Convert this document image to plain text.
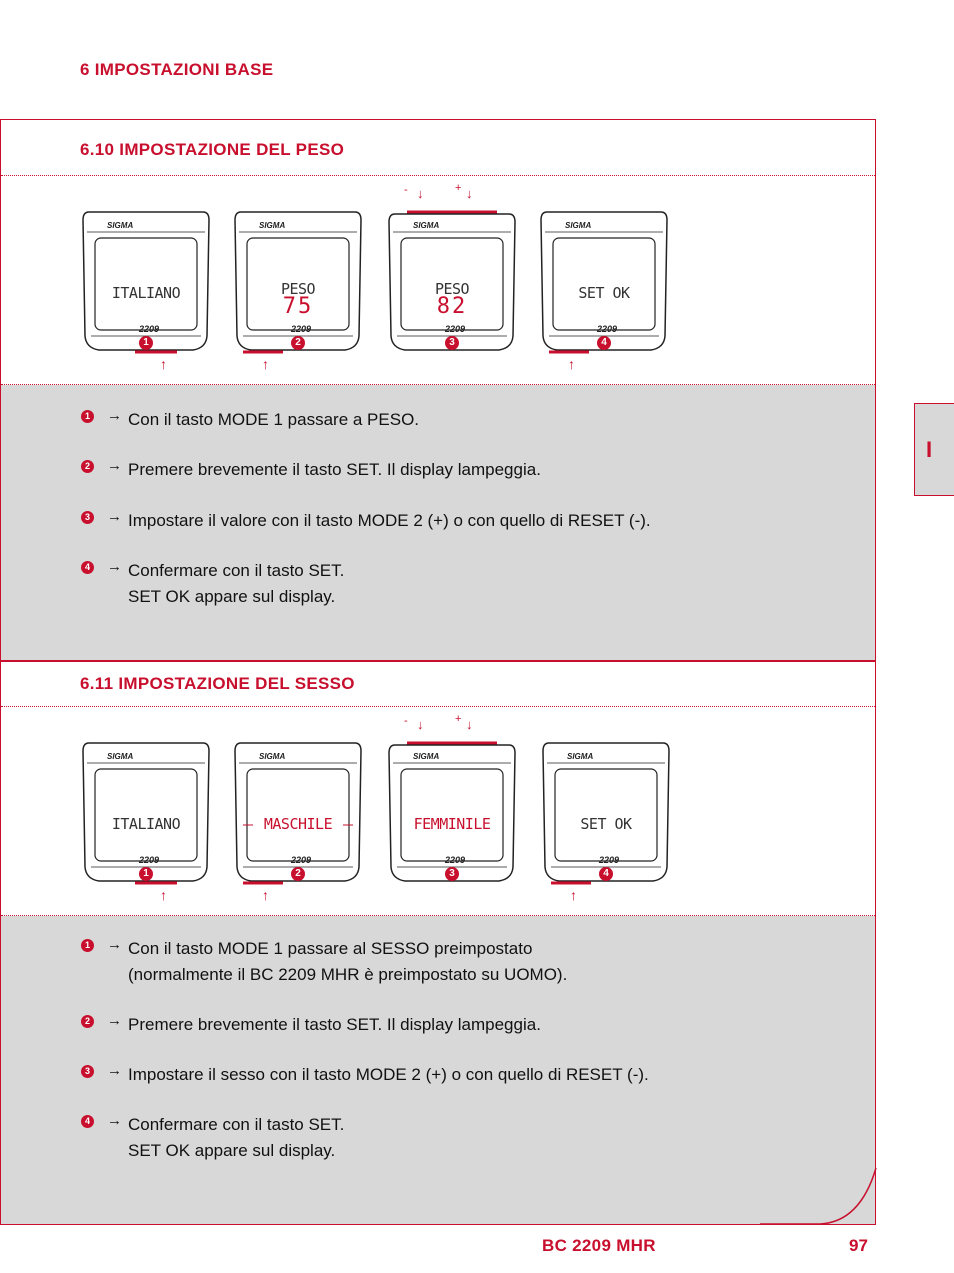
6 IMPOSTAZIONI BASE
6.10 IMPOSTAZIONE DEL PESO
- ↓	+ ↓
SIGMA
ITALIANO
2209
1
↑
SIGMA
PESO
75
2209
2
↑
SIGMA
PESO
82
2209
3
SIGMA
SET OK
2209
4
↑
1 → Con il tasto MODE 1 passare a PESO.
2 → Premere brevemente il tasto SET. Il display lampeggia.
3 → Impostare il valore con il tasto MODE 2 (+) o con quello di RESET (-).
4 → Confermare con il tasto SET.
SET OK appare sul display.
6.11 IMPOSTAZIONE DEL SESSO
- ↓	+ ↓
SIGMA
ITALIANO
2209
1
↑
SIGMA
MASCHILE
2209
2
↑
SIGMA
FEMMINILE
2209
3
SIGMA
SET OK
2209
4
↑
1 → Con il tasto MODE 1 passare al SESSO preimpostato
(normalmente il BC 2209 MHR è preimpostato su UOMO).
2 → Premere brevemente il tasto SET. Il display lampeggia.
3 → Impostare il sesso con il tasto MODE 2 (+) o con quello di RESET (-).
4 → Confermare con il tasto SET.
SET OK appare sul display.
I
BC 2209 MHR	97
